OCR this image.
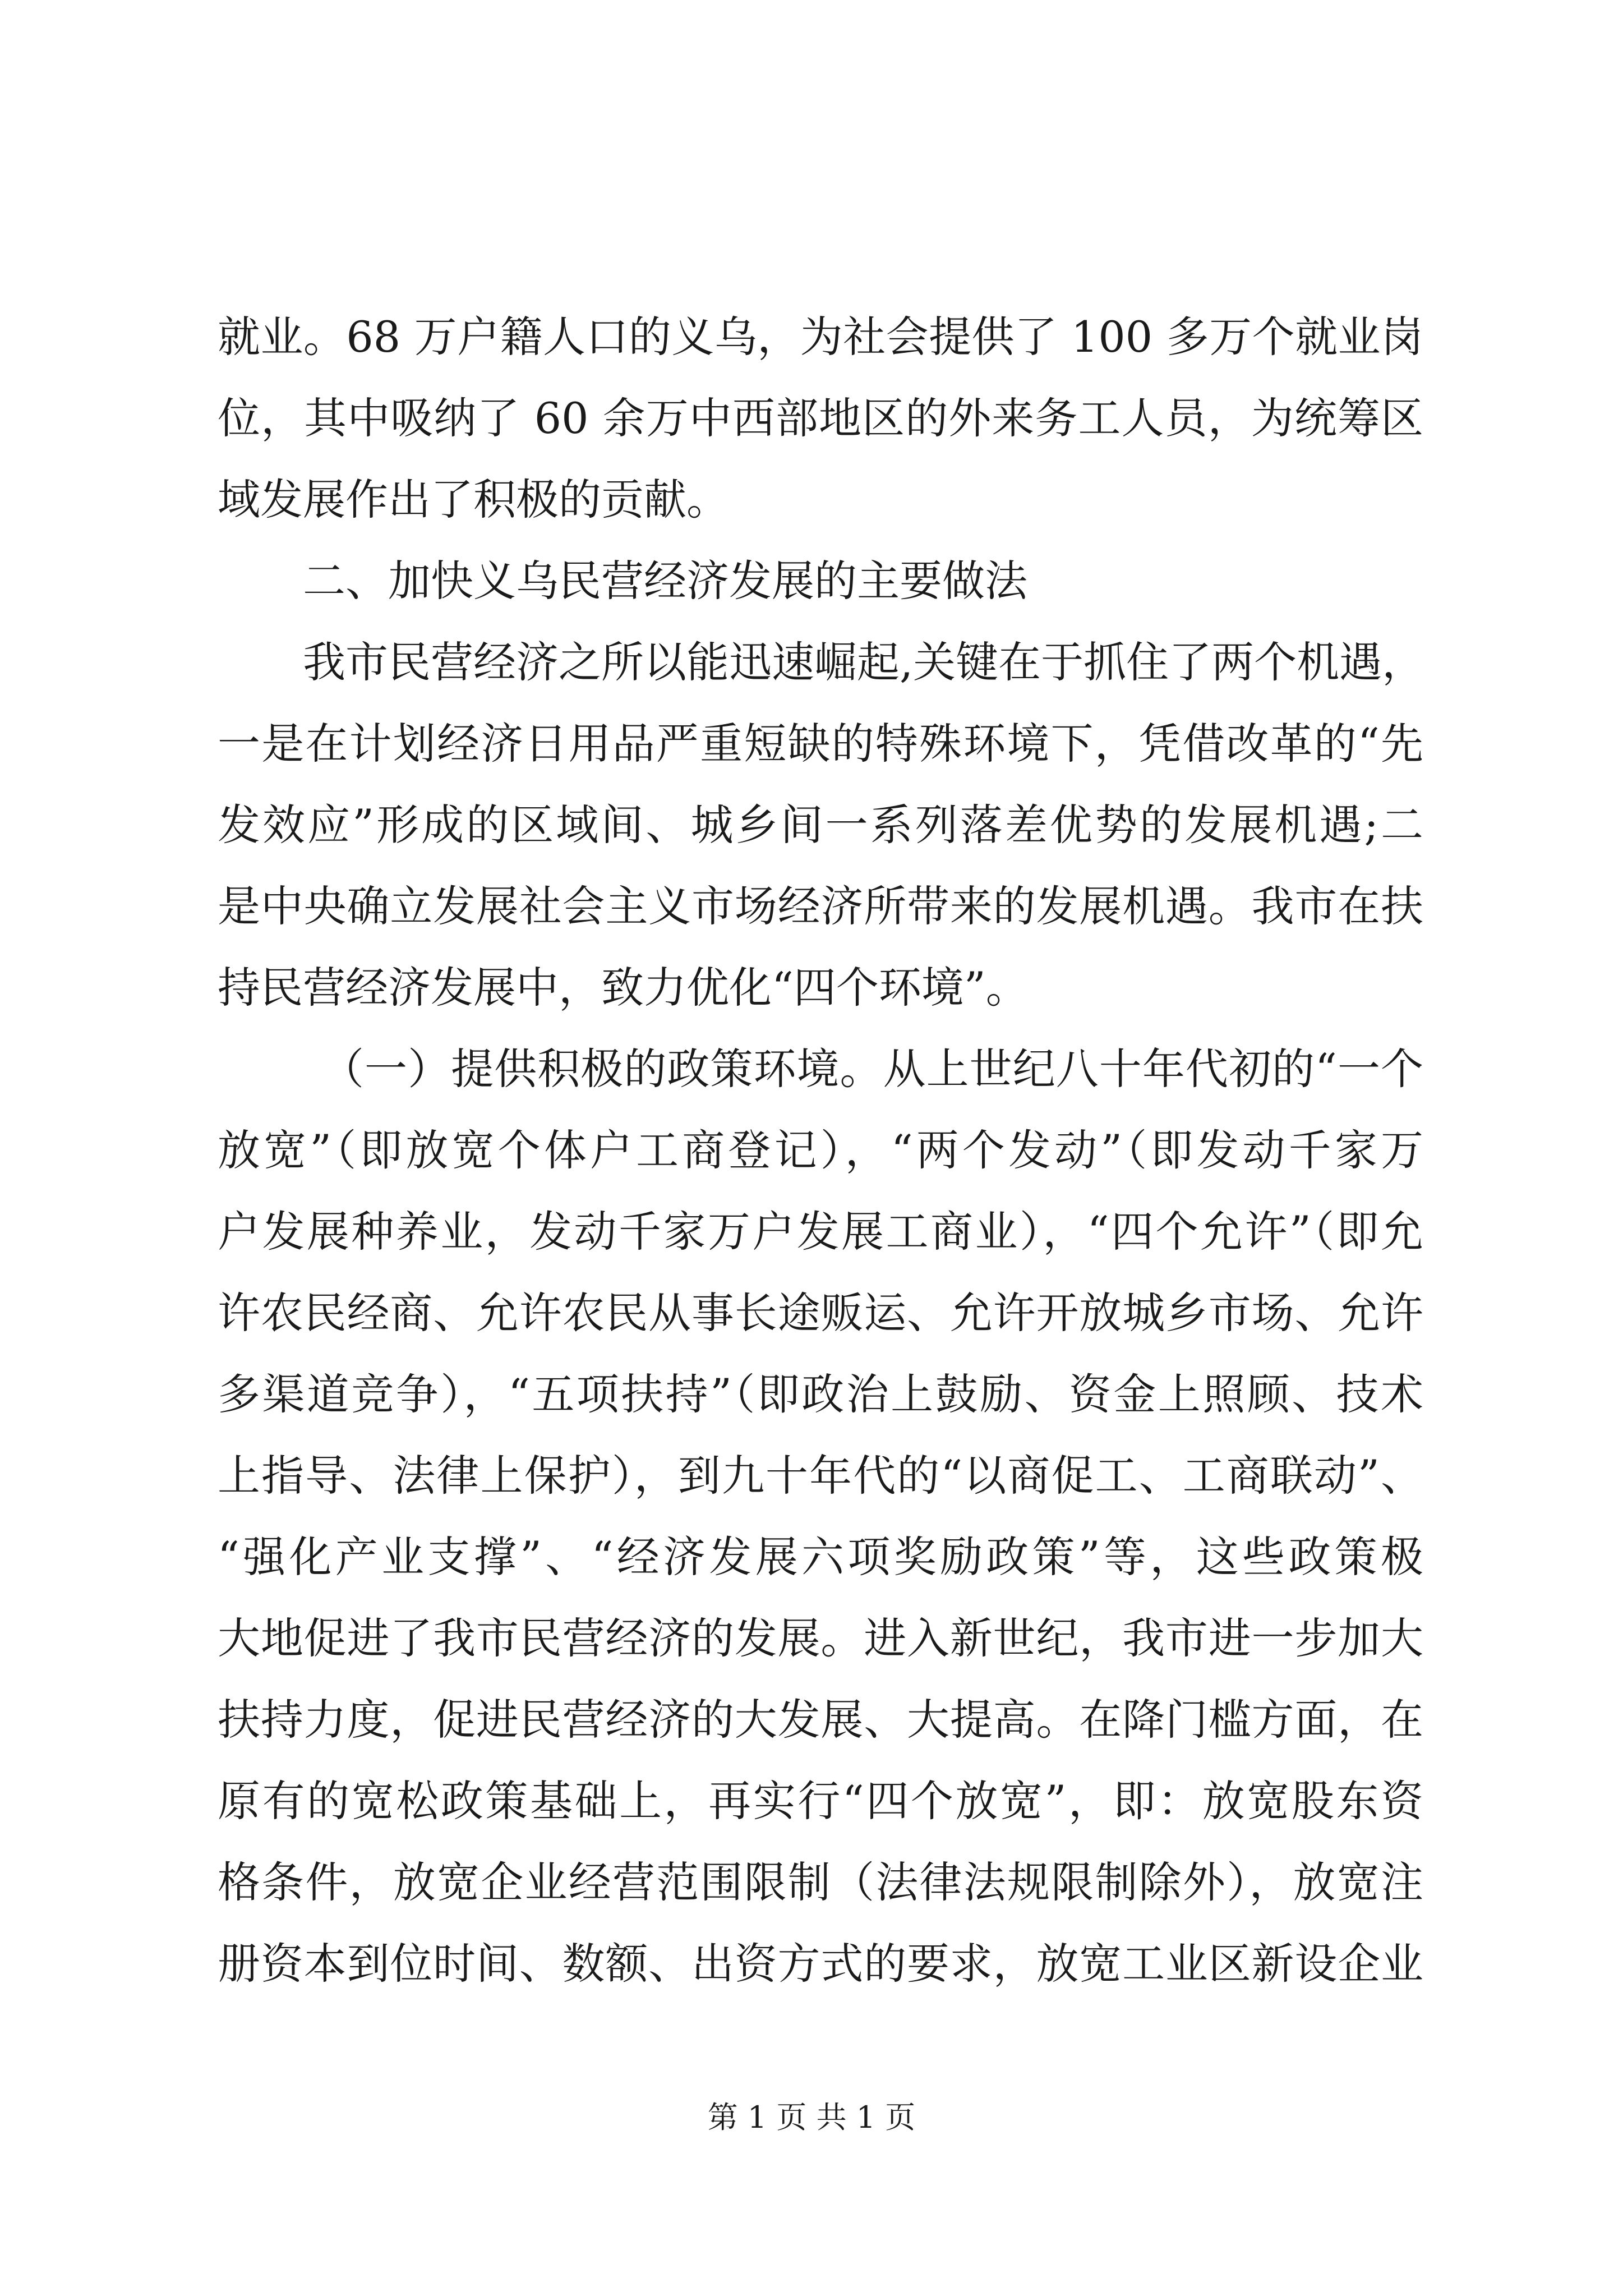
就业。68 万户籍人口的义乌，为社会提供了 100 多万个就业岗
位，其中吸纳了 60 余万中西部地区的外来务工人员，为统筹区
域发展作出了积极的贡献。
二、加快义乌民营经济发展的主要做法
我市民营经济之所以能迅速崛起,关键在于抓住了两个机遇，
一是在计划经济日用品严重短缺的特殊环境下，凭借改革的“先
发效应”形成的区域间、城乡间一系列落差优势的发展机遇;二
是中央确立发展社会主义市场经济所带来的发展机遇。我市在扶
持民营经济发展中，致力优化“四个环境”。
（一）提供积极的政策环境。从上世纪八十年代初的“一个
放宽”（即放宽个体户工商登记），“两个发动”（即发动千家万
户发展种养业，发动千家万户发展工商业），“四个允许”（即允
许农民经商、允许农民从事长途贩运、允许开放城乡市场、允许
多渠道竞争），“五项扶持”（即政治上鼓励、资金上照顾、技术
上指导、法律上保护），到九十年代的“以商促工、工商联动”、
“强化产业支撑”、“经济发展六项奖励政策”等，这些政策极
大地促进了我市民营经济的发展。进入新世纪，我市进一步加大
扶持力度，促进民营经济的大发展、大提高。在降门槛方面，在
原有的宽松政策基础上，再实行“四个放宽”，即：放宽股东资
格条件，放宽企业经营范围限制（法律法规限制除外），放宽注
册资本到位时间、数额、出资方式的要求，放宽工业区新设企业
第 1 页 共 1 页
